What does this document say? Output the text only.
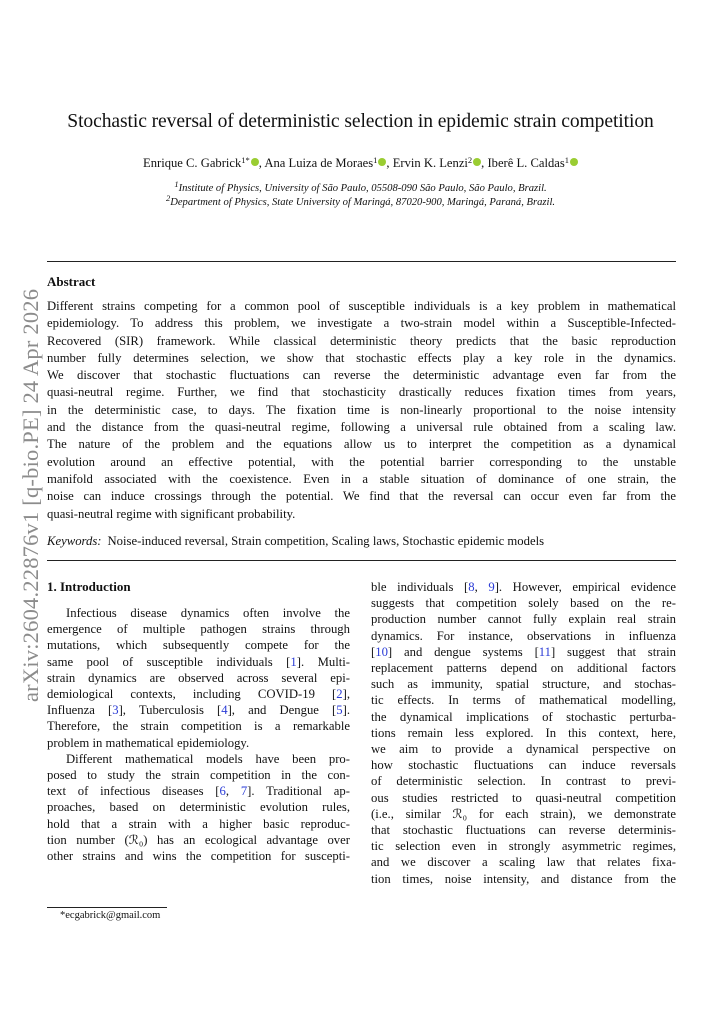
arXiv:2604.22876v1 [q-bio.PE] 24 Apr 2026
Stochastic reversal of deterministic selection in epidemic strain competition
Enrique C. Gabrick$^{1*}$ , Ana Luiza de Moraes$^1$ , Ervin K. Lenzi$^2$ , Iberê L. Caldas$^1$
$^1$Institute of Physics, University of São Paulo, 05508-090 São Paulo, São Paulo, Brazil.
$^2$Department of Physics, State University of Maringá, 87020-900, Maringá, Paraná, Brazil.
Abstract
Different strains competing for a common pool of susceptible individuals is a key problem in mathematical
epidemiology. To address this problem, we investigate a two-strain model within a Susceptible-Infected-
Recovered (SIR) framework. While classical deterministic theory predicts that the basic reproduction
number fully determines selection, we show that stochastic effects play a key role in the dynamics.
We discover that stochastic fluctuations can reverse the deterministic advantage even far from the
quasi-neutral regime. Further, we find that stochasticity drastically reduces fixation times from years,
in the deterministic case, to days. The fixation time is non-linearly proportional to the noise intensity
and the distance from the quasi-neutral regime, following a universal rule obtained from a scaling law.
The nature of the problem and the equations allow us to interpret the competition as a dynamical
evolution around an effective potential, with the potential barrier corresponding to the unstable
manifold associated with the coexistence. Even in a stable situation of dominance of one strain, the
noise can induce crossings through the potential. We find that the reversal can occur even far from the
quasi-neutral regime with significant probability.
Keywords: Noise-induced reversal, Strain competition, Scaling laws, Stochastic epidemic models
1. Introduction
Infectious disease dynamics often involve the
emergence of multiple pathogen strains through
mutations, which subsequently compete for the
same pool of susceptible individuals [1]. Multi-
strain dynamics are observed across several epi-
demiological contexts, including COVID-19 [2],
Influenza [3], Tuberculosis [4], and Dengue [5].
Therefore, the strain competition is a remarkable
problem in mathematical epidemiology.
Different mathematical models have been pro-
posed to study the strain competition in the con-
text of infectious diseases [6, 7]. Traditional ap-
proaches, based on deterministic evolution rules,
hold that a strain with a higher basic reproduc-
tion number (ℛ₀) has an ecological advantage over
other strains and wins the competition for suscepti-
ble individuals [8, 9]. However, empirical evidence
suggests that competition solely based on the re-
production number cannot fully explain real strain
dynamics. For instance, observations in influenza
[10] and dengue systems [11] suggest that strain
replacement patterns depend on additional factors
such as immunity, spatial structure, and stochas-
tic effects. In terms of mathematical modelling,
the dynamical implications of stochastic perturba-
tions remain less explored. In this context, here,
we aim to provide a dynamical perspective on
how stochastic fluctuations can induce reversals
of deterministic selection. In contrast to previ-
ous studies restricted to quasi-neutral competition
(i.e., similar ℛ₀ for each strain), we demonstrate
that stochastic fluctuations can reverse determinis-
tic selection even in strongly asymmetric regimes,
and we discover a scaling law that relates fixa-
tion times, noise intensity, and distance from the
*ecgabrick@gmail.com
